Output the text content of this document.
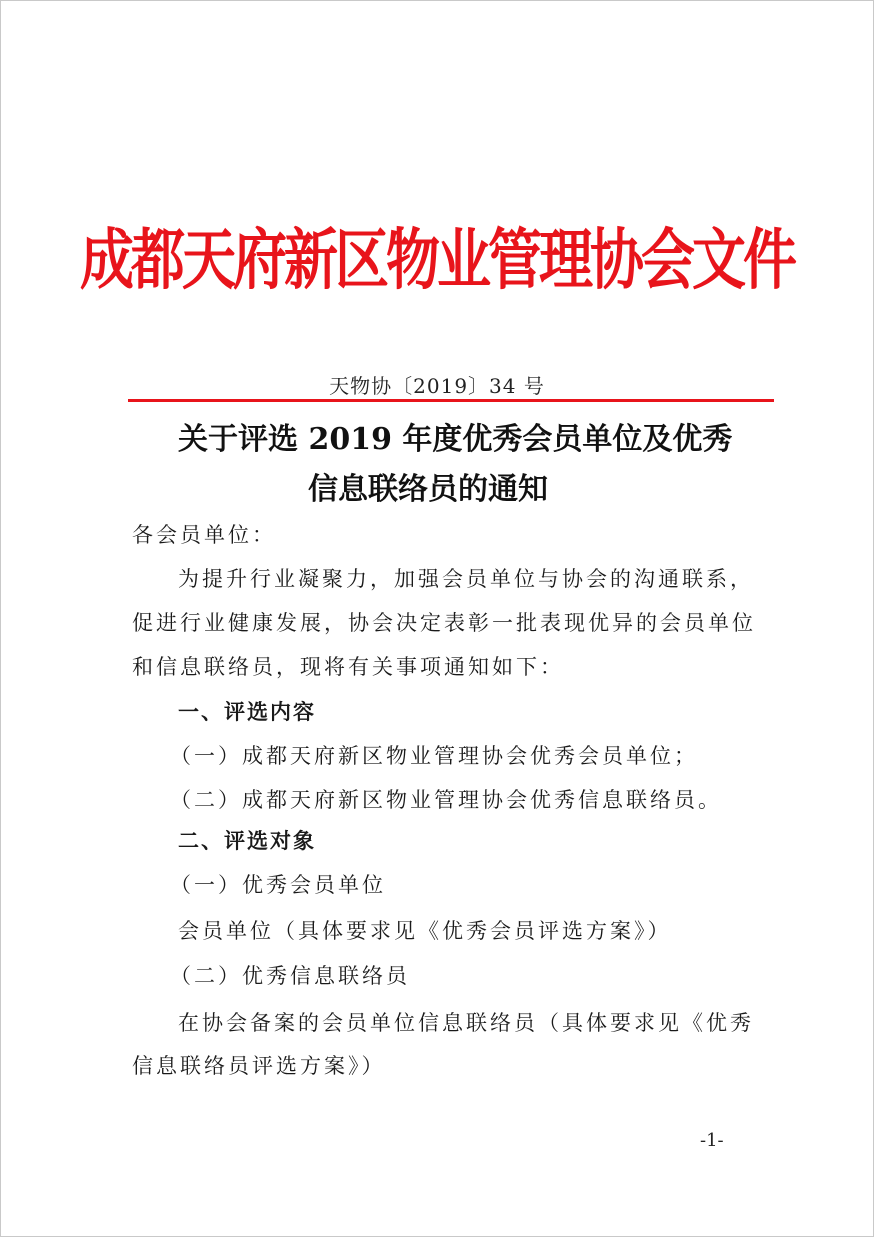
成都天府新区物业管理协会文件
天物协〔2019〕34 号
关于评选 2019 年度优秀会员单位及优秀
信息联络员的通知
各会员单位：
为提升行业凝聚力，加强会员单位与协会的沟通联系，
促进行业健康发展，协会决定表彰一批表现优异的会员单位
和信息联络员，现将有关事项通知如下：
一、评选内容
（一）成都天府新区物业管理协会优秀会员单位；
（二）成都天府新区物业管理协会优秀信息联络员。
二、评选对象
（一）优秀会员单位
会员单位（具体要求见《优秀会员评选方案》）
（二）优秀信息联络员
在协会备案的会员单位信息联络员（具体要求见《优秀
信息联络员评选方案》）
-1-
